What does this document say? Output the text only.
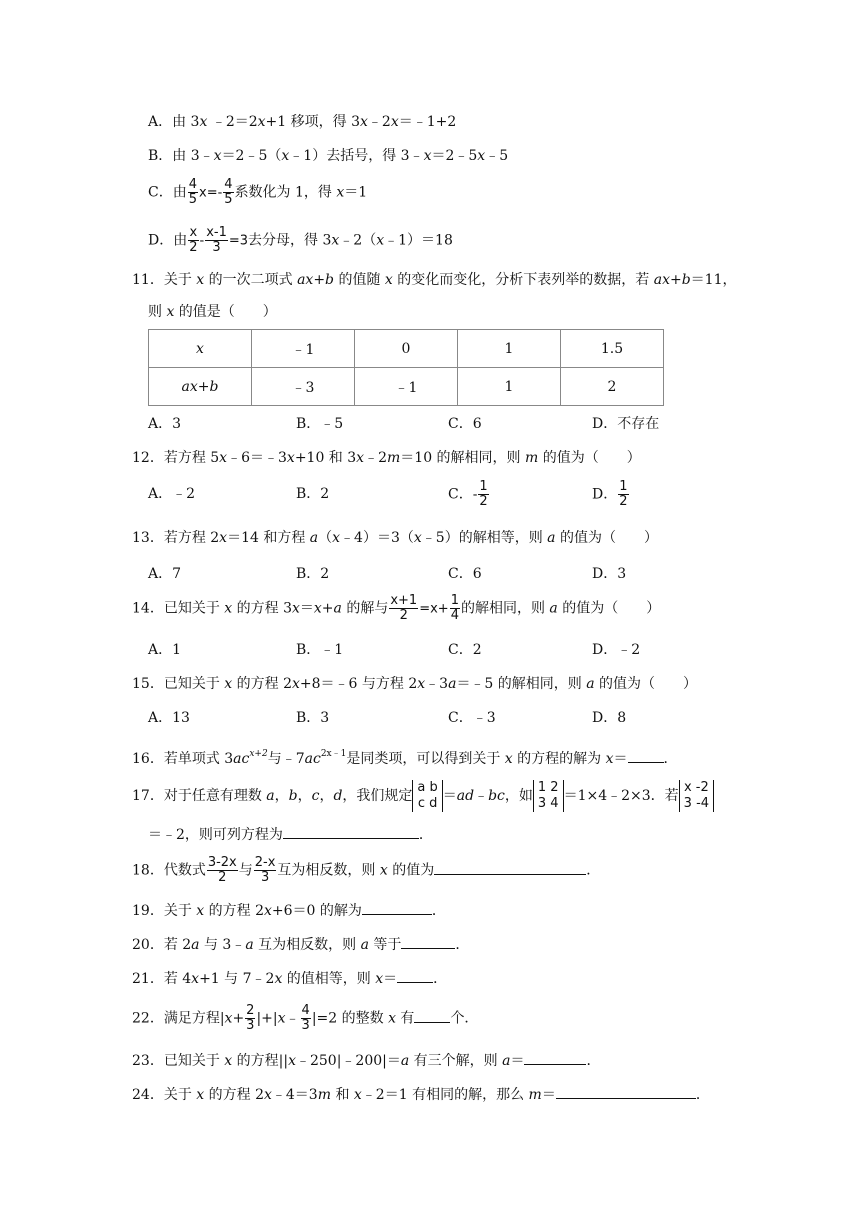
A．由 3x ﹣2＝2x+1 移项，得 3x﹣2x＝﹣1+2
B．由 3﹣x＝2﹣5（x﹣1）去括号，得 3﹣x＝2﹣5x﹣5
C．由 $\frac{4}{5} x=- \frac{4}{5}$ 系数化为 1，得 x＝1
D．由 $\frac{x}{2} - \frac{x-1}{3} =3$去分母，得 3x﹣2（x﹣1）＝18
11．关于 x 的一次二项式 ax+b 的值随 x 的变化而变化，分析下表列举的数据，若 ax+b＝11，
则 x 的值是（　　）
x	﹣1	0	1	1.5
ax+b	﹣3	﹣1	1	2
A．3	B．﹣5	C．6	D．不存在
12．若方程 5x﹣6＝﹣3x+10 和 3x﹣2m＝10 的解相同，则 m 的值为（　　）
A．﹣2	B．2	C．- $\frac{1}{2}$	D． $\frac{1}{2}$
13．若方程 2x＝14 和方程 a（x﹣4）＝3（x﹣5）的解相等，则 a 的值为（　　）
A．7	B．2	C．6	D．3
14．已知关于 x 的方程 3x＝x+a 的解与 $\frac{x+1}{2} =x+ \frac{1}{4}$ 的解相同，则 a 的值为（　　）
A．1	B．﹣1	C．2	D．﹣2
15．已知关于 x 的方程 2x+8＝﹣6 与方程 2x﹣3a＝﹣5 的解相同，则 a 的值为（　　）
A．13	B．3	C．﹣3	D．8
16．若单项式 $3ac^{x+2}$与$﹣7ac^{2x﹣1}$是同类项，可以得到关于 x 的方程的解为 x＝	．
17．对于任意有理数 a，b，c，d，我们规定
a b
c d ＝ad﹣bc，如
1 2
3 4 ＝1×4﹣2×3．若
x -2
3 -4
＝﹣2，则可列方程为	．
18．代数式 $\frac{3-2x}{2}$ 与 $\frac{2-x}{3}$ 互为相反数，则 x 的值为	．
19．关于 x 的方程 2x+6＝0 的解为	．
20．若 2a 与 3﹣a 互为相反数，则 a 等于	．
21．若 4x+1 与 7﹣2x 的值相等，则 x＝	．
22．满足方程$|x+ \frac{2}{3}$ |+|x﹣ $\frac{4}{3} |=2$ 的整数 x 有	个．
23．已知关于 x 的方程||x﹣250|﹣200|＝a 有三个解，则 a＝	．
24．关于 x 的方程 2x﹣4＝3m 和 x﹣2＝1 有相同的解，那么 m＝	．
